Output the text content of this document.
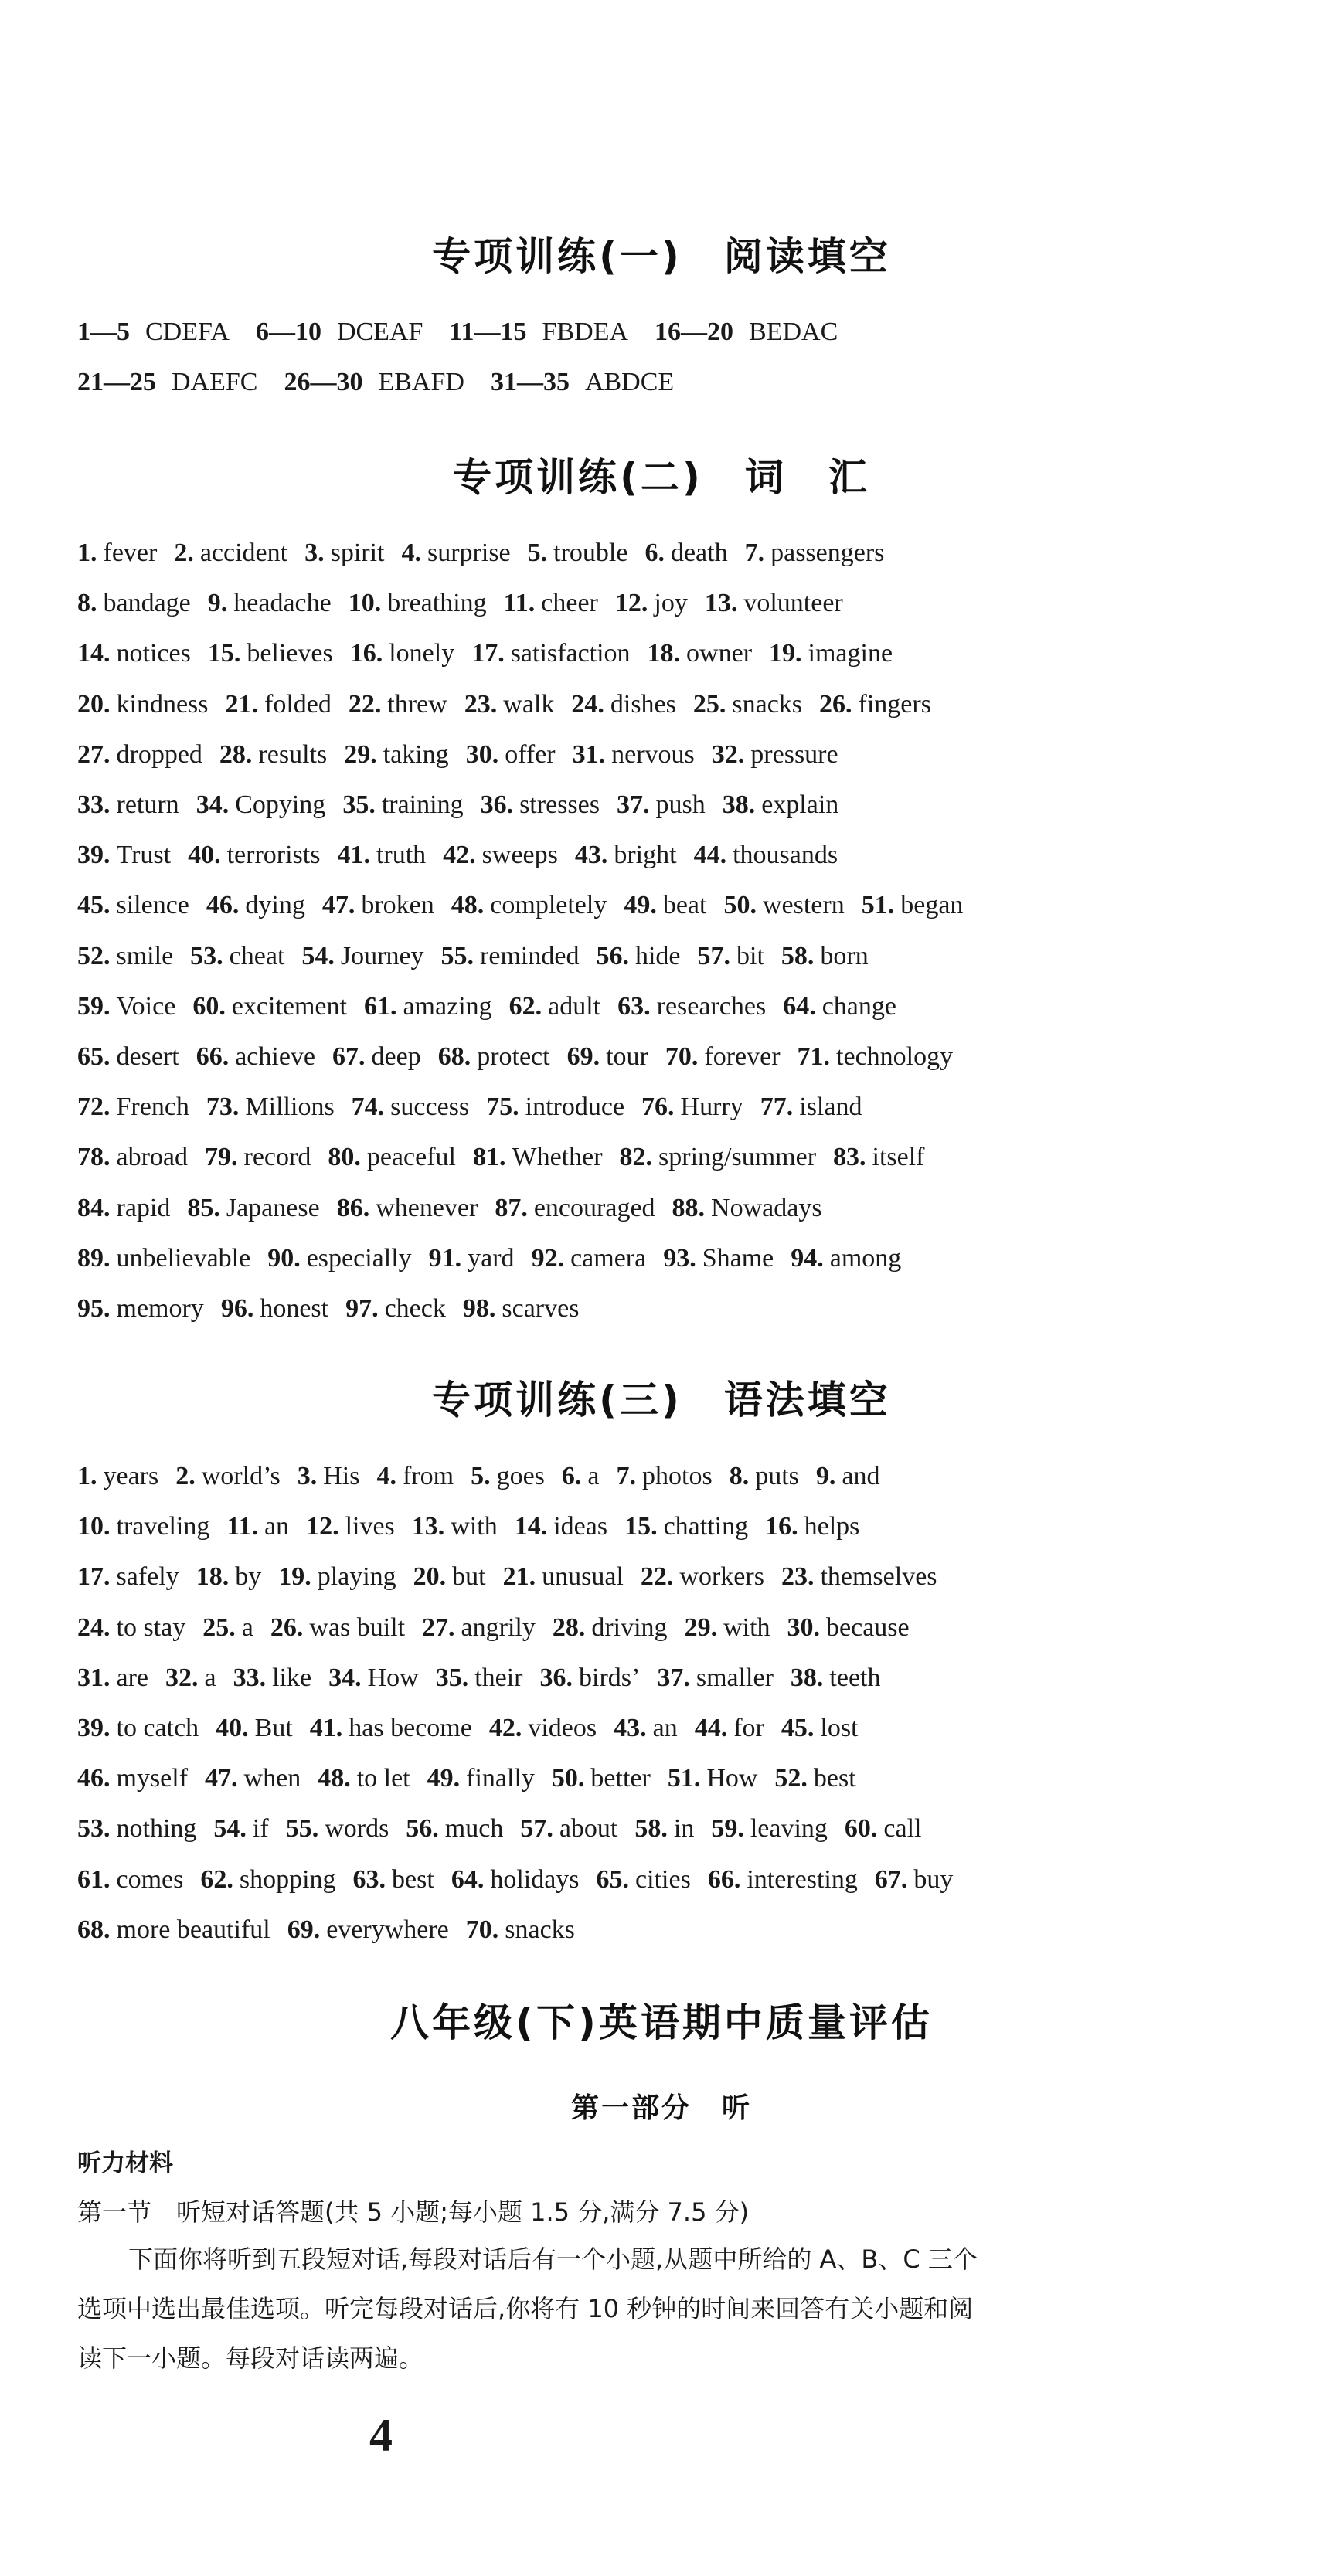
专项训练(一)　阅读填空
1—5 CDEFA 6—10 DCEAF 11—15 FBDEA 16—20 BEDAC
21—25 DAEFC 26—30 EBAFD 31—35 ABDCE
专项训练(二)　词　汇
1. fever 2. accident 3. spirit 4. surprise 5. trouble 6. death 7. passengers
8. bandage 9. headache 10. breathing 11. cheer 12. joy 13. volunteer
14. notices 15. believes 16. lonely 17. satisfaction 18. owner 19. imagine
20. kindness 21. folded 22. threw 23. walk 24. dishes 25. snacks 26. fingers
27. dropped 28. results 29. taking 30. offer 31. nervous 32. pressure
33. return 34. Copying 35. training 36. stresses 37. push 38. explain
39. Trust 40. terrorists 41. truth 42. sweeps 43. bright 44. thousands
45. silence 46. dying 47. broken 48. completely 49. beat 50. western 51. began
52. smile 53. cheat 54. Journey 55. reminded 56. hide 57. bit 58. born
59. Voice 60. excitement 61. amazing 62. adult 63. researches 64. change
65. desert 66. achieve 67. deep 68. protect 69. tour 70. forever 71. technology
72. French 73. Millions 74. success 75. introduce 76. Hurry 77. island
78. abroad 79. record 80. peaceful 81. Whether 82. spring/summer 83. itself
84. rapid 85. Japanese 86. whenever 87. encouraged 88. Nowadays
89. unbelievable 90. especially 91. yard 92. camera 93. Shame 94. among
95. memory 96. honest 97. check 98. scarves
专项训练(三)　语法填空
1. years 2. world’s 3. His 4. from 5. goes 6. a 7. photos 8. puts 9. and
10. traveling 11. an 12. lives 13. with 14. ideas 15. chatting 16. helps
17. safely 18. by 19. playing 20. but 21. unusual 22. workers 23. themselves
24. to stay 25. a 26. was built 27. angrily 28. driving 29. with 30. because
31. are 32. a 33. like 34. How 35. their 36. birds’ 37. smaller 38. teeth
39. to catch 40. But 41. has become 42. videos 43. an 44. for 45. lost
46. myself 47. when 48. to let 49. finally 50. better 51. How 52. best
53. nothing 54. if 55. words 56. much 57. about 58. in 59. leaving 60. call
61. comes 62. shopping 63. best 64. holidays 65. cities 66. interesting 67. buy
68. more beautiful 69. everywhere 70. snacks
八年级(下)英语期中质量评估
第一部分　听
听力材料
第一节　听短对话答题(共 5 小题;每小题 1.5 分,满分 7.5 分)
下面你将听到五段短对话,每段对话后有一个小题,从题中所给的 A、B、C 三个
选项中选出最佳选项。听完每段对话后,你将有 10 秒钟的时间来回答有关小题和阅
读下一小题。每段对话读两遍。
4
